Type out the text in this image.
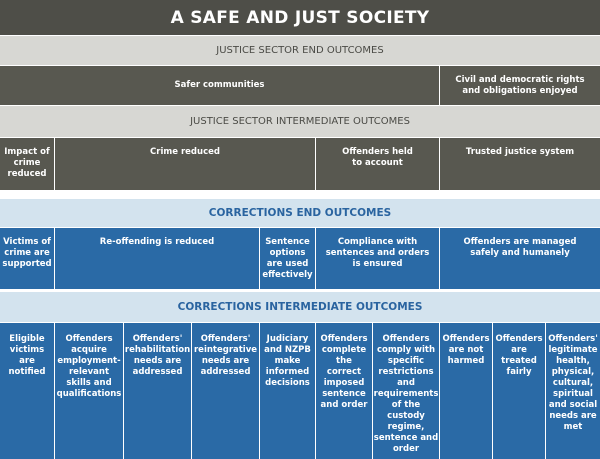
A SAFE AND JUST SOCIETY
JUSTICE SECTOR END OUTCOMES
Safer communities
Civil and democratic rights and obligations enjoyed
JUSTICE SECTOR INTERMEDIATE OUTCOMES
Impact of crime reduced
Crime reduced	Offenders held to account
Trusted justice system
CORRECTIONS END OUTCOMES
Victims of crime are supported
Re-offending is reduced	Sentence options are used effectively
Compliance with sentences and orders is ensured
Offenders are managed safely and humanely
CORRECTIONS INTERMEDIATE OUTCOMES
Eligible victims are notified
Offenders acquire employment-relevant skills and qualifications
Offenders' rehabilitation needs are addressed
Offenders' reintegrative needs are addressed
Judiciary and NZPB make informed decisions
Offenders complete the correct imposed sentence and order
Offenders comply with specific restrictions and requirements of the custody regime, sentence and order
Offenders are not harmed
Offenders are treated fairly
Offenders' legitimate health, physical, cultural, spiritual and social needs are met
